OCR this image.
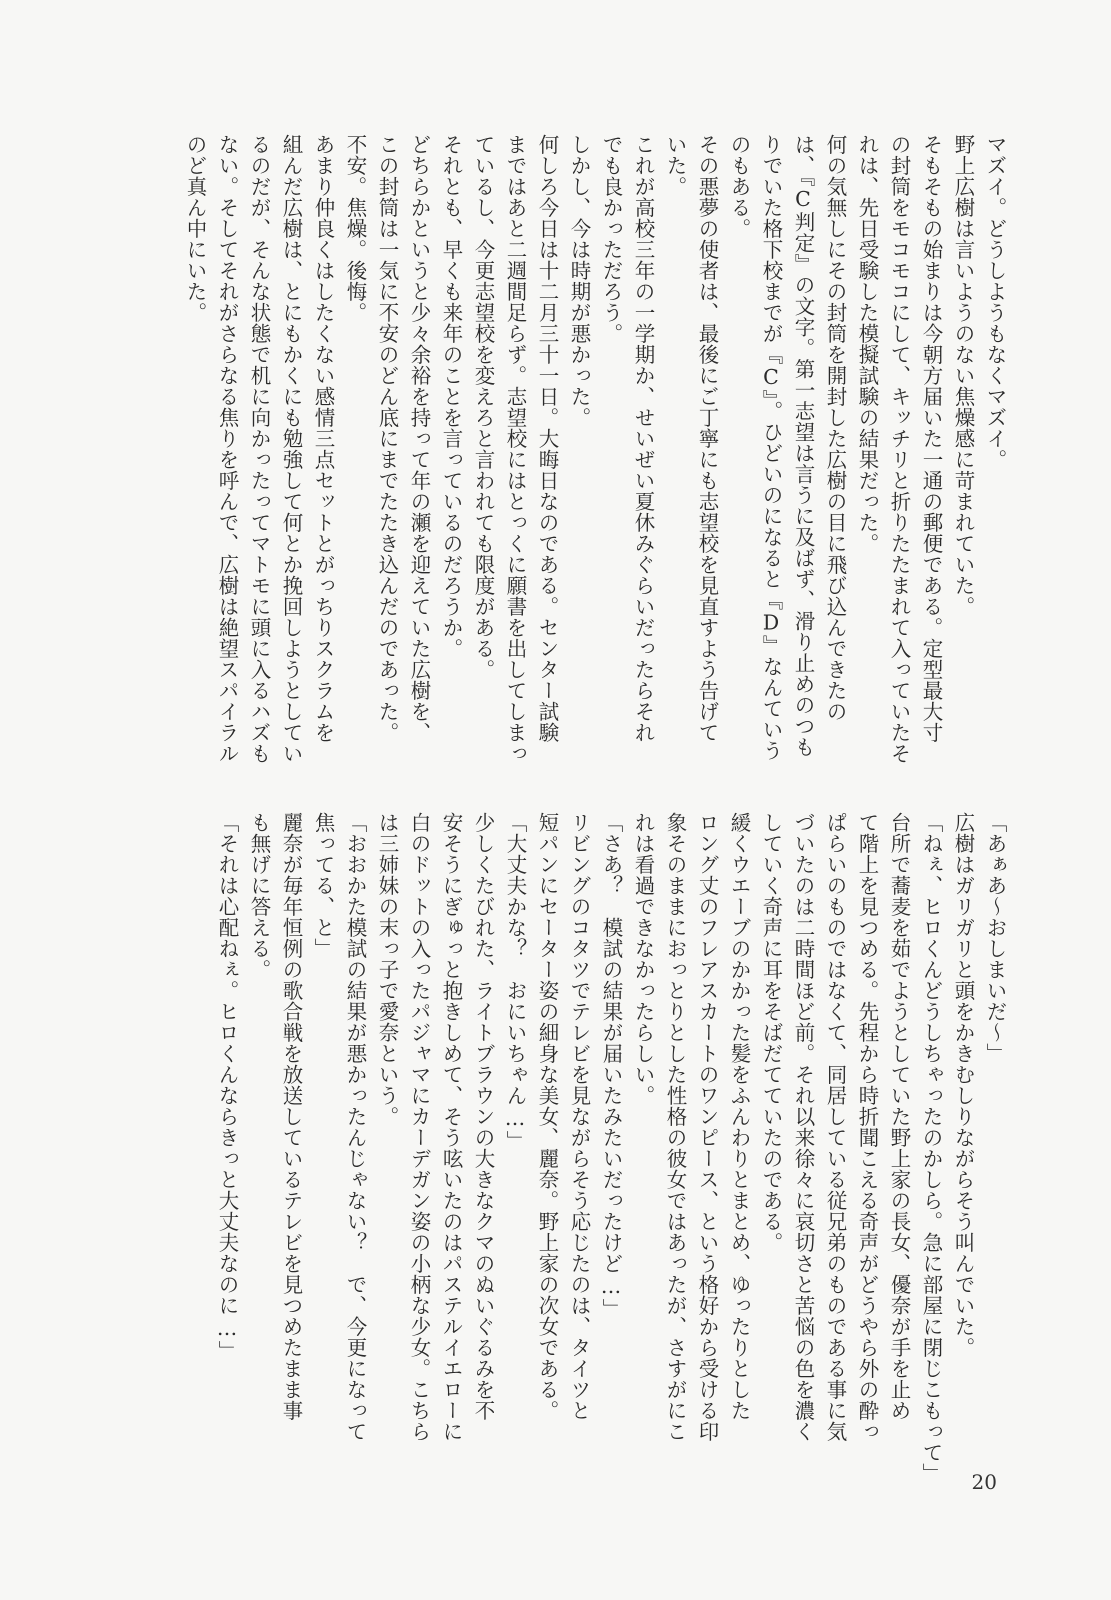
マズイ。どうしようもなくマズイ。
野上広樹は言いようのない焦燥感に苛まれていた。
そもそもの始まりは今朝方届いた一通の郵便である。定型最大寸
の封筒をモコモコにして、キッチリと折りたたまれて入っていたそ
れは、先日受験した模擬試験の結果だった。
何の気無しにその封筒を開封した広樹の目に飛び込んできたの
は、『C判定』の文字。第一志望は言うに及ばず、滑り止めのつも
りでいた格下校までが『C』。ひどいのになると『D』なんていう
のもある。
その悪夢の使者は、最後にご丁寧にも志望校を見直すよう告げて
いた。
これが高校三年の一学期か、せいぜい夏休みぐらいだったらそれ
でも良かっただろう。
しかし、今は時期が悪かった。
何しろ今日は十二月三十一日。大晦日なのである。センター試験
まではあと二週間足らず。志望校にはとっくに願書を出してしまっ
ているし、今更志望校を変えろと言われても限度がある。
それとも、早くも来年のことを言っているのだろうか。
どちらかというと少々余裕を持って年の瀬を迎えていた広樹を、
この封筒は一気に不安のどん底にまでたたき込んだのであった。
不安。焦燥。後悔。
あまり仲良くはしたくない感情三点セットとがっちりスクラムを
組んだ広樹は、とにもかくにも勉強して何とか挽回しようとしてい
るのだが、そんな状態で机に向かったってマトモに頭に入るハズも
ない。そしてそれがさらなる焦りを呼んで、広樹は絶望スパイラル
のど真ん中にいた。
「あぁあ〜おしまいだ〜」
広樹はガリガリと頭をかきむしりながらそう叫んでいた。
「ねぇ、ヒロくんどうしちゃったのかしら。急に部屋に閉じこもって」
台所で蕎麦を茹でようとしていた野上家の長女、優奈が手を止め
て階上を見つめる。先程から時折聞こえる奇声がどうやら外の酔っ
ぱらいのものではなくて、同居している従兄弟のものである事に気
づいたのは二時間ほど前。それ以来徐々に哀切さと苦悩の色を濃く
していく奇声に耳をそばだてていたのである。
緩くウエーブのかかった髪をふんわりとまとめ、ゆったりとした
ロング丈のフレアスカートのワンピース、という格好から受ける印
象そのままにおっとりとした性格の彼女ではあったが、さすがにこ
れは看過できなかったらしい。
「さあ？　模試の結果が届いたみたいだったけど…」
リビングのコタツでテレビを見ながらそう応じたのは、タイツと
短パンにセーター姿の細身な美女、麗奈。野上家の次女である。
「大丈夫かな？　おにいちゃん…」
少しくたびれた、ライトブラウンの大きなクマのぬいぐるみを不
安そうにぎゅっと抱きしめて、そう呟いたのはパステルイエローに
白のドットの入ったパジャマにカーデガン姿の小柄な少女。こちら
は三姉妹の末っ子で愛奈という。
「おおかた模試の結果が悪かったんじゃない？　で、今更になって
焦ってる、と」
麗奈が毎年恒例の歌合戦を放送しているテレビを見つめたまま事
も無げに答える。
「それは心配ねぇ。ヒロくんならきっと大丈夫なのに…」
20
